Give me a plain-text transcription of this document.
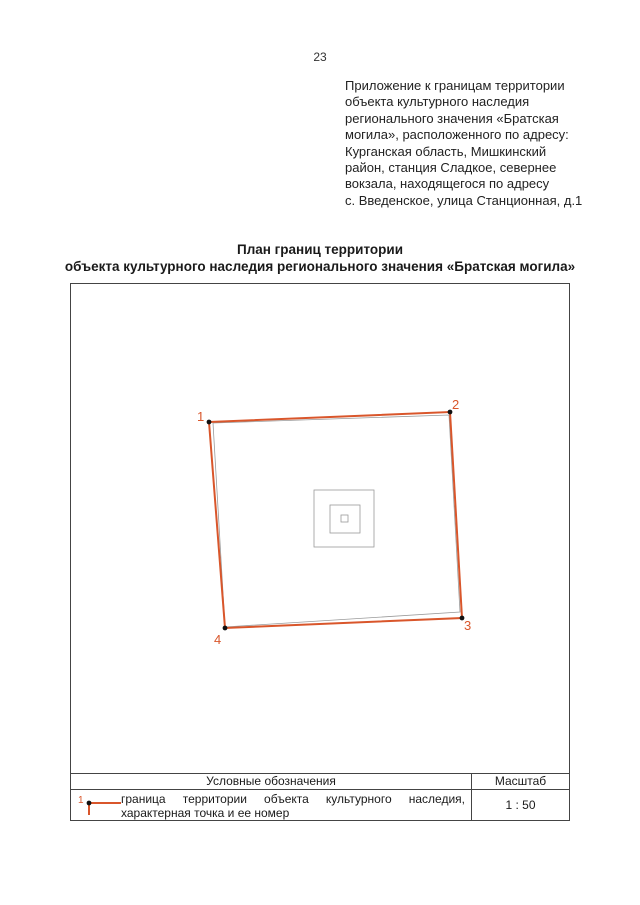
23
Приложение к границам территории
объекта культурного наследия
регионального значения «Братская
могила», расположенного по адресу:
Курганская область, Мишкинский
район, станция Сладкое, севернее
вокзала, находящегося по адресу
с. Введенское, улица Станционная, д.1
План границ территории
объекта культурного наследия регионального значения «Братская могила»
1
2
3
4
Условные обозначения	Масштаб
1	граница территории объекта культурного наследия, характерная точка и ее номер
1 : 50
